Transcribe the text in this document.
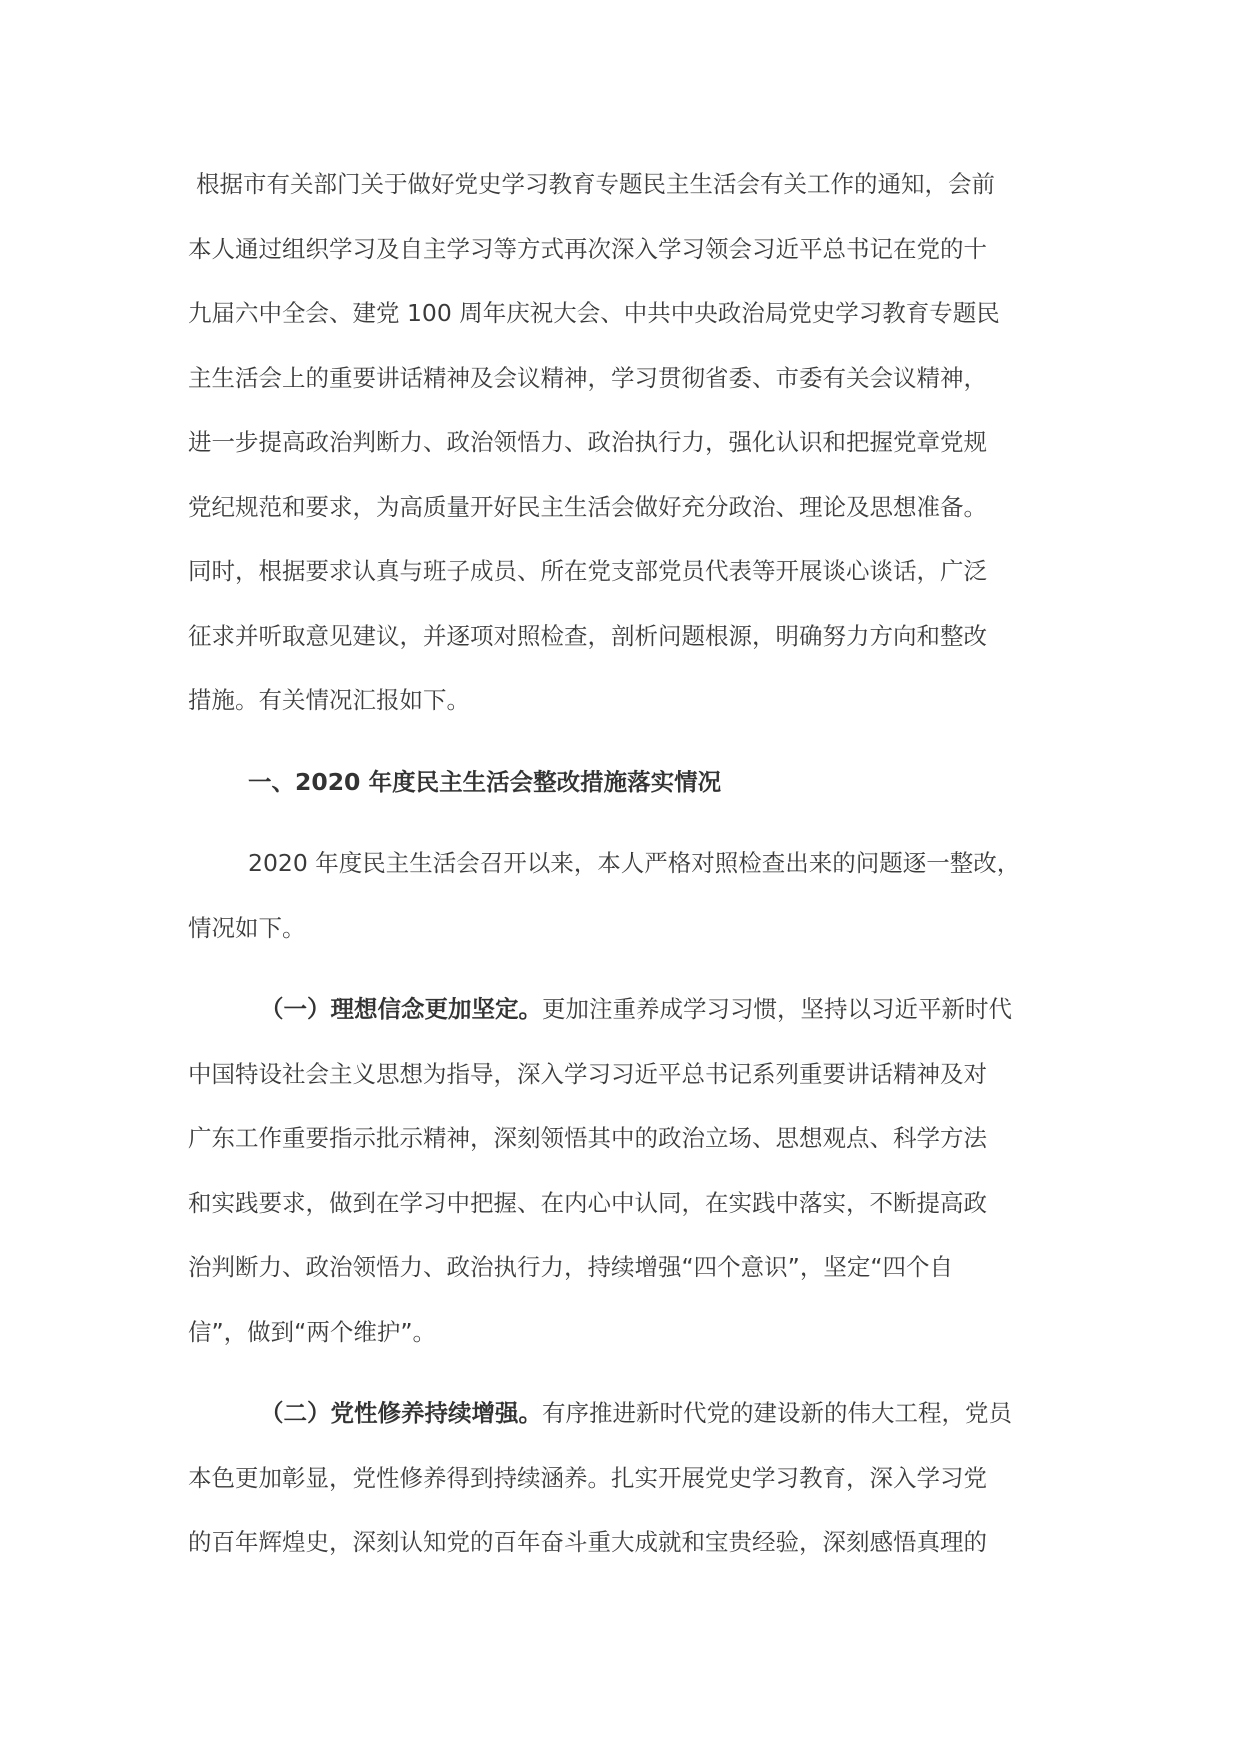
根据市有关部门关于做好党史学习教育专题民主生活会有关工作的通知，会前
本人通过组织学习及自主学习等方式再次深入学习领会习近平总书记在党的十
九届六中全会、建党 100 周年庆祝大会、中共中央政治局党史学习教育专题民
主生活会上的重要讲话精神及会议精神，学习贯彻省委、市委有关会议精神，
进一步提高政治判断力、政治领悟力、政治执行力，强化认识和把握党章党规
党纪规范和要求，为高质量开好民主生活会做好充分政治、理论及思想准备。
同时，根据要求认真与班子成员、所在党支部党员代表等开展谈心谈话，广泛
征求并听取意见建议，并逐项对照检查，剖析问题根源，明确努力方向和整改
措施。有关情况汇报如下。
一、2020 年度民主生活会整改措施落实情况
2020 年度民主生活会召开以来，本人严格对照检查出来的问题逐一整改，
情况如下。
（一）理想信念更加坚定。更加注重养成学习习惯，坚持以习近平新时代
中国特设社会主义思想为指导，深入学习习近平总书记系列重要讲话精神及对
广东工作重要指示批示精神，深刻领悟其中的政治立场、思想观点、科学方法
和实践要求，做到在学习中把握、在内心中认同，在实践中落实，不断提高政
治判断力、政治领悟力、政治执行力，持续增强“四个意识”，坚定“四个自
信”，做到“两个维护”。
（二）党性修养持续增强。有序推进新时代党的建设新的伟大工程，党员
本色更加彰显，党性修养得到持续涵养。扎实开展党史学习教育，深入学习党
的百年辉煌史，深刻认知党的百年奋斗重大成就和宝贵经验，深刻感悟真理的
